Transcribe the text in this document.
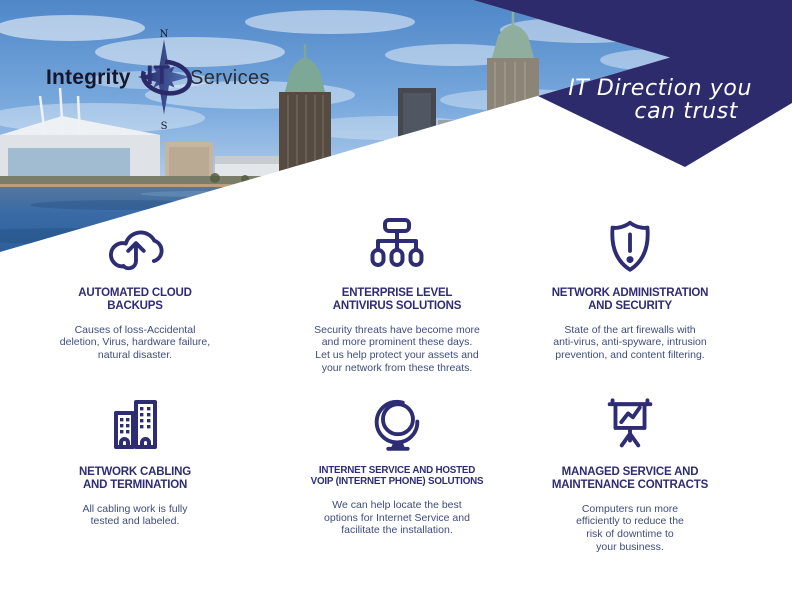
IT Direction you
can trust
N
S
Integrity IT Services
AUTOMATED CLOUD
BACKUPS
Causes of loss-Accidental
deletion, Virus, hardware failure,
natural disaster.
ENTERPRISE LEVEL
ANTIVIRUS SOLUTIONS
Security threats have become more
and more prominent these days.
Let us help protect your assets and
your network from these threats.
NETWORK ADMINISTRATION
AND SECURITY
State of the art firewalls with
anti-virus, anti-spyware, intrusion
prevention, and content filtering.
NETWORK CABLING
AND TERMINATION
All cabling work is fully
tested and labeled.
INTERNET SERVICE AND HOSTED
VOIP (INTERNET PHONE) SOLUTIONS
We can help locate the best
options for Internet Service and
facilitate the installation.
MANAGED SERVICE AND
MAINTENANCE CONTRACTS
Computers run more
efficiently to reduce the
risk of downtime to
your business.
